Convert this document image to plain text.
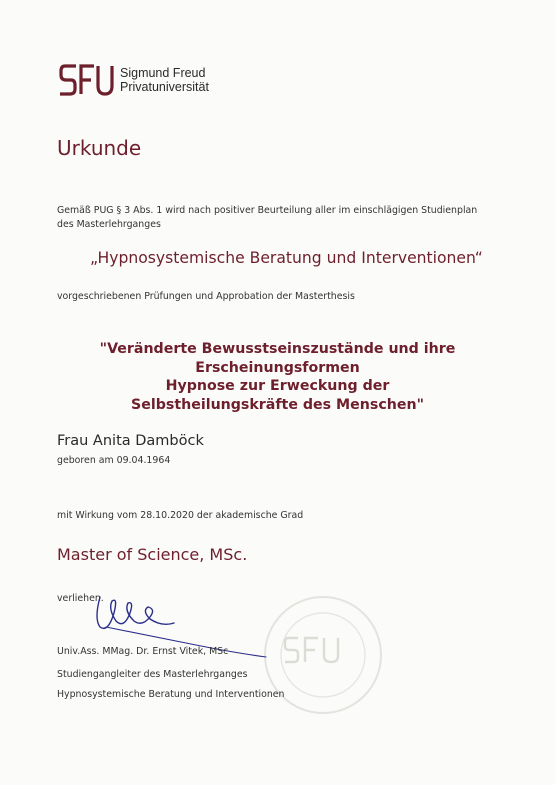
Sigmund Freud
Privatuniversität
Urkunde
Gemäß PUG § 3 Abs. 1 wird nach positiver Beurteilung aller im einschlägigen Studienplan
des Masterlehrganges
„Hypnosystemische Beratung und Interventionen“
vorgeschriebenen Prüfungen und Approbation der Masterthesis
"Veränderte Bewusstseinszustände und ihre Erscheinungsformen
Hypnose zur Erweckung der
Selbstheilungskräfte des Menschen"
Frau Anita Damböck
geboren am 09.04.1964
mit Wirkung vom 28.10.2020 der akademische Grad
Master of Science, MSc.
verliehen.
Univ.Ass. MMag. Dr. Ernst Vitek, MSc
Studiengangleiter des Masterlehrganges
Hypnosystemische Beratung und Interventionen
